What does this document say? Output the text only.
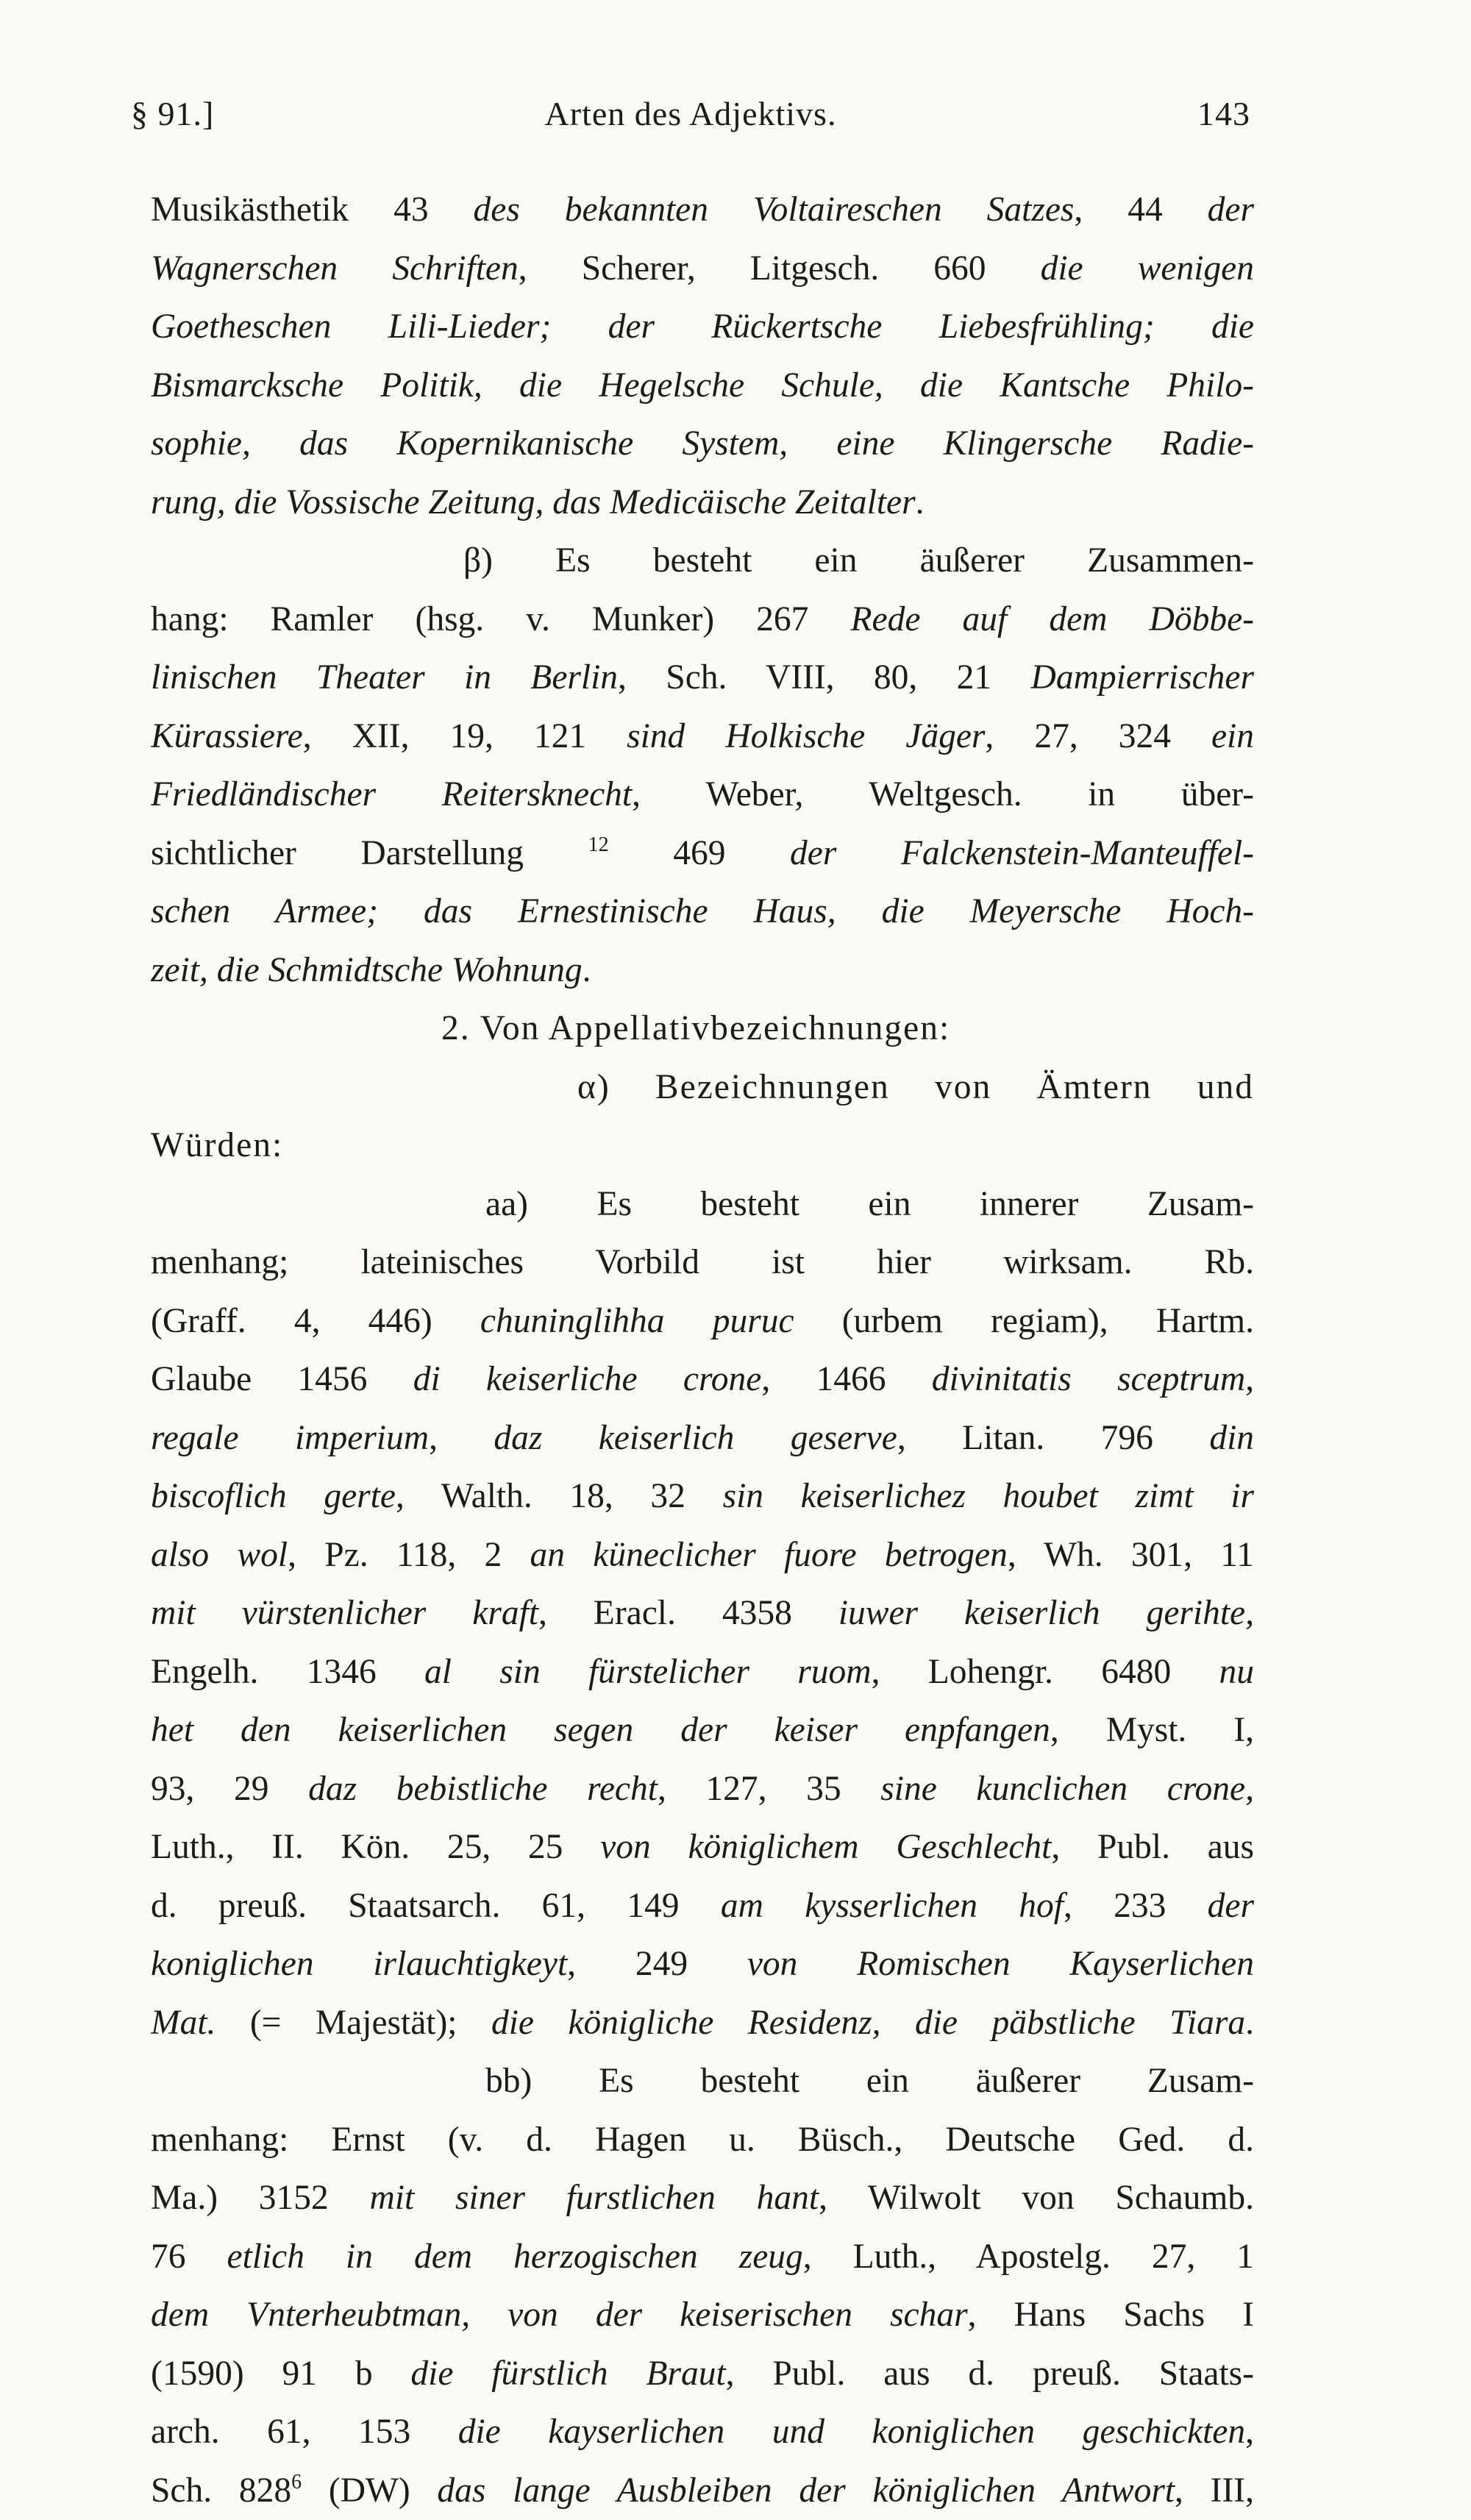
§ 91.]	Arten des Adjektivs.	143
Musikästhetik 43 des bekannten Voltaireschen Satzes, 44 der
Wagnerschen Schriften, Scherer, Litgesch. 660 die wenigen
Goetheschen Lili-Lieder; der Rückertsche Liebesfrühling; die
Bismarcksche Politik, die Hegelsche Schule, die Kantsche Philo-
sophie, das Kopernikanische System, eine Klingersche Radie-
rung, die Vossische Zeitung, das Medicäische Zeitalter.
β) Es besteht ein äußerer Zusammen-
hang: Ramler (hsg. v. Munker) 267 Rede auf dem Döbbe-
linischen Theater in Berlin, Sch. VIII, 80, 21 Dampierrischer
Kürassiere, XII, 19, 121 sind Holkische Jäger, 27, 324 ein
Friedländischer Reitersknecht, Weber, Weltgesch. in über-
sichtlicher Darstellung $^{12}$ 469 der Falckenstein-Manteuffel-
schen Armee; das Ernestinische Haus, die Meyersche Hoch-
zeit, die Schmidtsche Wohnung.
2. Von Appellativbezeichnungen:
α) Bezeichnungen von Ämtern und
Würden:
aa) Es besteht ein innerer Zusam-
menhang; lateinisches Vorbild ist hier wirksam. Rb.
(Graff. 4, 446) chuninglihha puruc (urbem regiam), Hartm.
Glaube 1456 di keiserliche crone, 1466 divinitatis sceptrum,
regale imperium, daz keiserlich geserve, Litan. 796 din
biscoflich gerte, Walth. 18, 32 sin keiserlichez houbet zimt ir
also wol, Pz. 118, 2 an küneclicher fuore betrogen, Wh. 301, 11
mit vürstenlicher kraft, Eracl. 4358 iuwer keiserlich gerihte,
Engelh. 1346 al sin fürstelicher ruom, Lohengr. 6480 nu
het den keiserlichen segen der keiser enpfangen, Myst. I,
93, 29 daz bebistliche recht, 127, 35 sine kunclichen crone,
Luth., II. Kön. 25, 25 von königlichem Geschlecht, Publ. aus
d. preuß. Staatsarch. 61, 149 am kysserlichen hof, 233 der
koniglichen irlauchtigkeyt, 249 von Romischen Kayserlichen
Mat. (= Majestät); die königliche Residenz, die päbstliche Tiara.
bb) Es besteht ein äußerer Zusam-
menhang: Ernst (v. d. Hagen u. Büsch., Deutsche Ged. d.
Ma.) 3152 mit siner furstlichen hant, Wilwolt von Schaumb.
76 etlich in dem herzogischen zeug, Luth., Apostelg. 27, 1
dem Vnterheubtman, von der keiserischen schar, Hans Sachs I
(1590) 91 b die fürstlich Braut, Publ. aus d. preuß. Staats-
arch. 61, 153 die kayserlichen und koniglichen geschickten,
Sch. $828^6$ (DW) das lange Ausbleiben der königlichen Antwort, III,
